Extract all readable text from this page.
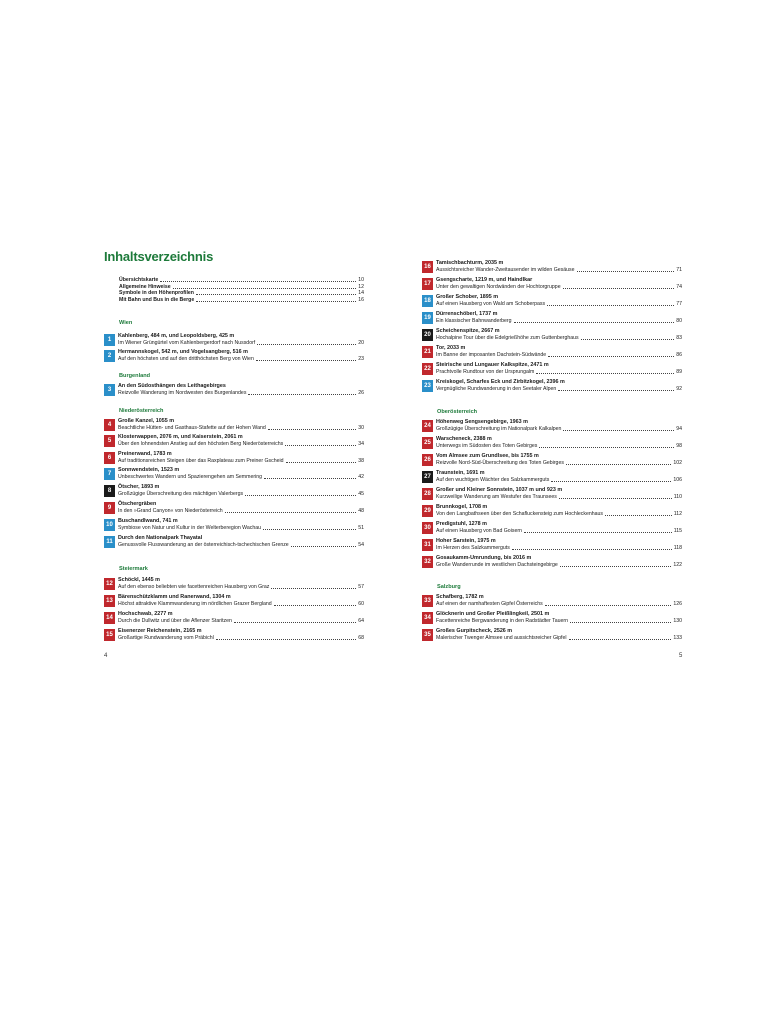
Inhaltsverzeichnis
Übersichtskarte	10
Allgemeine Hinweise	12
Symbole in den Höhenprofilen	14
Mit Bahn und Bus in die Berge	16
Wien
Burgenland
Niederösterreich
Steiermark
Oberösterreich
Salzburg
1
Kahlenberg, 484 m, und Leopoldsberg, 425 m
Im Wiener Grüngürtel vom Kahlenbergerdorf nach Nussdorf	20
2
Hermannskogel, 542 m, und Vogelsangberg, 516 m
Auf den höchsten und auf den dritthöchsten Berg von Wien	23
3
An den Südosthängen des Leithagebirges
Reizvolle Wanderung im Nordwesten des Burgenlandes	26
4
Große Kanzel, 1055 m
Beachtliche Hütten- und Gasthaus-Stafette auf der Hohen Wand	30
5
Klosterwappen, 2076 m, und Kaiserstein, 2061 m
Über den lohnendsten Anstieg auf den höchsten Berg Niederösterreichs	34
6
Preinerwand, 1783 m
Auf traditionsreichen Steigen über das Raxplateau zum Preiner Gscheid	38
7
Sonnwendstein, 1523 m
Unbeschwertes Wandern und Spazierengehen am Semmering	42
8
Ötscher, 1893 m
Großzügige Überschreitung des mächtigen Valerbergs	45
9
Ötschergräben
In den »Grand Canyon« von Niederösterreich	48
10
Buschandlwand, 741 m
Symbiose von Natur und Kultur in der Welterberegion Wachau	51
11
Durch den Nationalpark Thayatal
Genussvolle Flusswanderung an der österreichisch-tschechischen Grenze	54
12
Schöckl, 1445 m
Auf den ebenso beliebten wie facettenreichen Hausberg von Graz	57
13
Bärenschützklamm und Ranerwand, 1304 m
Höchst attraktive Klammwanderung im nördlichen Grazer Bergland	60
14
Hochschwab, 2277 m
Durch die Dullwitz und über die Aflenzer Staritzen	64
15
Eisenerzer Reichenstein, 2165 m
Großartige Rundwanderung vom Präbichl	68
16
Tamischbachturm, 2035 m
Aussichtsreicher Wander-Zweitausender im wilden Gesäuse	71
17
Gsengscharte, 1219 m, und Haindlkar
Unter den gewaltigen Nordwänden der Hochtorgruppe	74
18
Großer Schober, 1895 m
Auf einen Hausberg von Wald am Schoberpass	77
19
Dürrenschöberl, 1737 m
Ein klassischer Bahnwanderberg	80
20
Scheichenspitze, 2667 m
Hochalpine Tour über die Edelgrießhöhe zum Guttenberghaus	83
21
Tor, 2033 m
Im Banne der imposanten Dachstein-Südwände	86
22
Steirische und Lungauer Kalkspitze, 2471 m
Prachtvolle Rundtour von der Ursprungalm	89
23
Kreiskogel, Scharfes Eck und Zirbitzkogel, 2396 m
Vergnügliche Rundwanderung in den Seetaler Alpen	92
24
Höhenweg Sengsengebirge, 1963 m
Großzügige Überschreitung im Nationalpark Kalkalpen	94
25
Warscheneck, 2388 m
Unterwegs im Südosten des Toten Gebirges	98
26
Vom Almsee zum Grundlsee, bis 1755 m
Reizvolle Nord-Süd-Überschreitung des Toten Gebirges	102
27
Traunstein, 1691 m
Auf den wuchtigen Wächter des Salzkammerguts	106
28
Großer und Kleiner Sonnstein, 1037 m und 923 m
Kurzweilige Wanderung am Westufer des Traunsees	110
29
Brunnkogel, 1708 m
Von den Langbathseen über den Schafluckensteig zum Hochleckenhaus	112
30
Predigstuhl, 1278 m
Auf einen Hausberg von Bad Goisern	115
31
Hoher Sarstein, 1975 m
Im Herzen des Salzkammerguts	118
32
Gosaukamm-Umrundung, bis 2016 m
Große Wanderrunde im westlichen Dachsteingebirge	122
33
Schafberg, 1782 m
Auf einen der namhaftesten Gipfel Österreichs	126
34
Glöcknerin und Großer Pleißlingkeil, 2501 m
Facettenreiche Bergwanderung in den Radstädter Tauern	130
35
Großes Gurpitscheck, 2526 m
Malerischer Twenger Almsee und aussichtsreicher Gipfel	133
4	5
